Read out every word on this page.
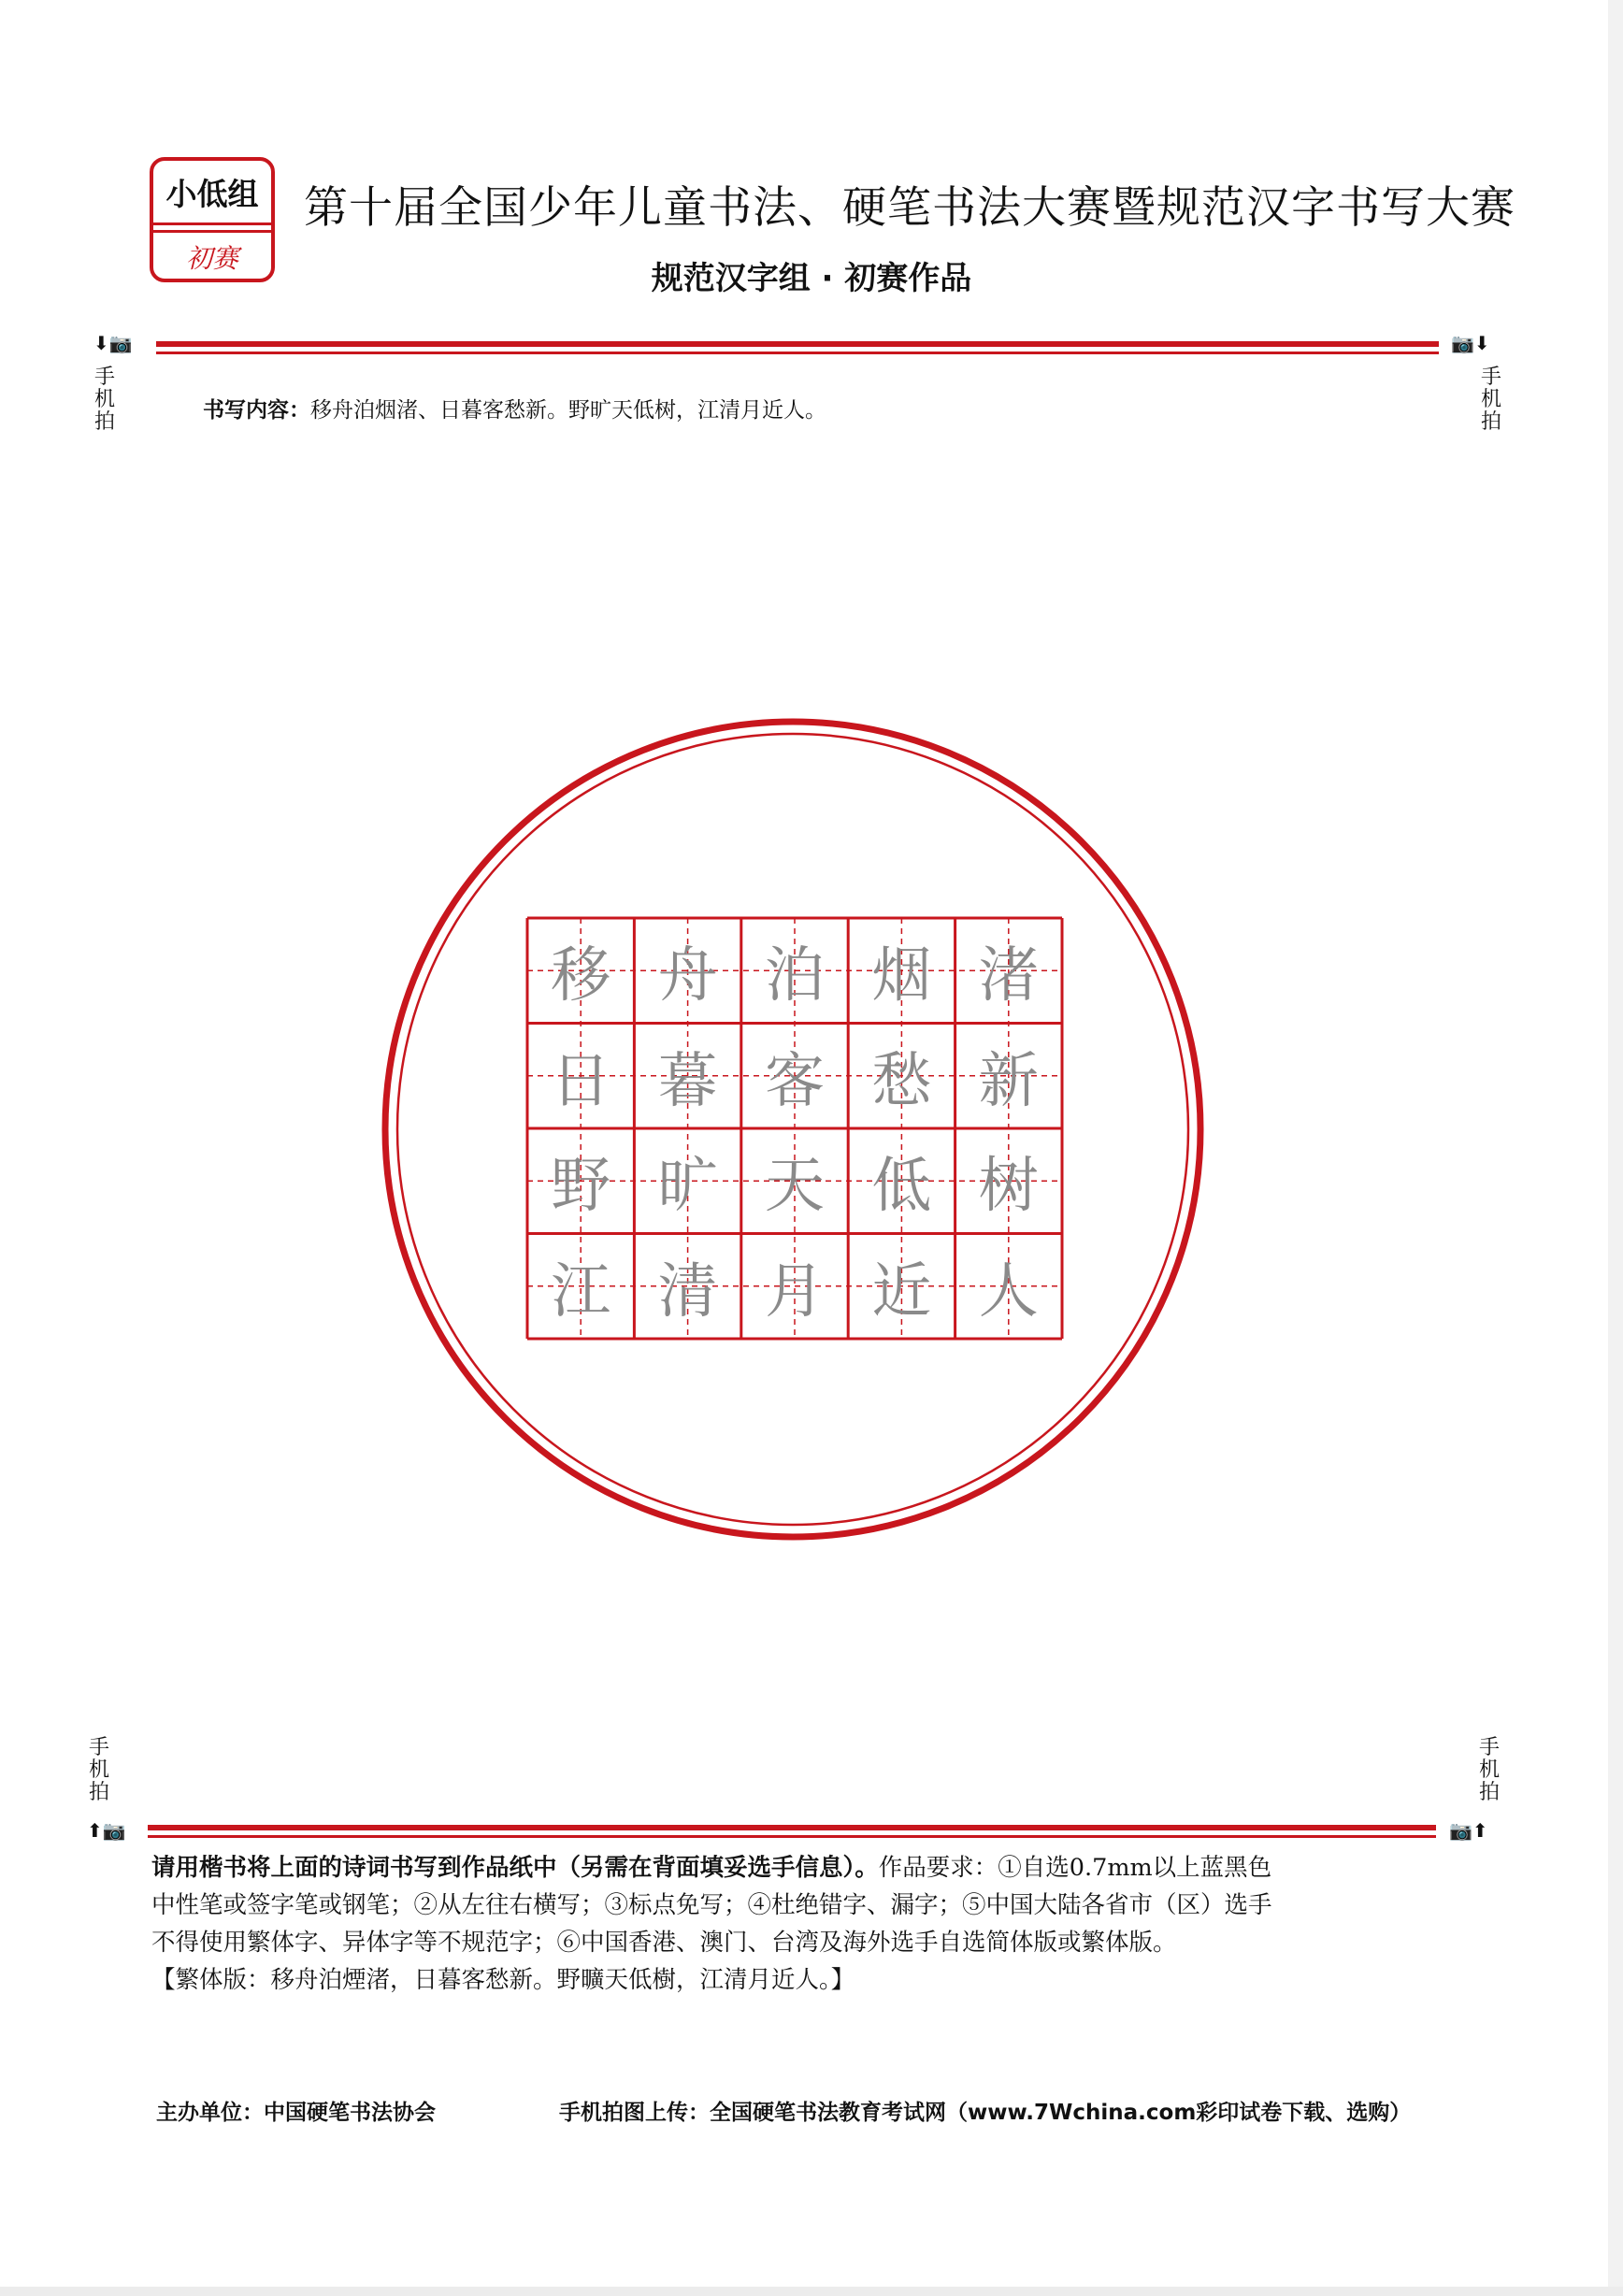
小低组
初赛
第十届全国少年儿童书法、硬笔书法大赛暨规范汉字书写大赛
规范汉字组 · 初赛作品
⬇📷
手
机
拍
📷⬇
手
机
拍
书写内容：移舟泊烟渚、日暮客愁新。野旷天低树，江清月近人。
移 舟 泊 烟 渚
日 暮 客 愁 新
野 旷 天 低 树
江 清 月 近 人
手
机
拍
⬆📷
手
机
拍
📷⬆

请用楷书将上面的诗词书写到作品纸中（另需在背面填妥选手信息）。作品要求：①自选0.7mm以上蓝黑色

中性笔或签字笔或钢笔；②从左往右横写；③标点免写；④杜绝错字、漏字；⑤中国大陆各省市（区）选手

不得使用繁体字、异体字等不规范字；⑥中国香港、澳门、台湾及海外选手自选简体版或繁体版。

【繁体版：移舟泊煙渚，日暮客愁新。野曠天低樹，江清月近人。】

主办单位：中国硬笔书法协会	手机拍图上传：全国硬笔书法教育考试网（www.7Wchina.com彩印试卷下载、选购）
